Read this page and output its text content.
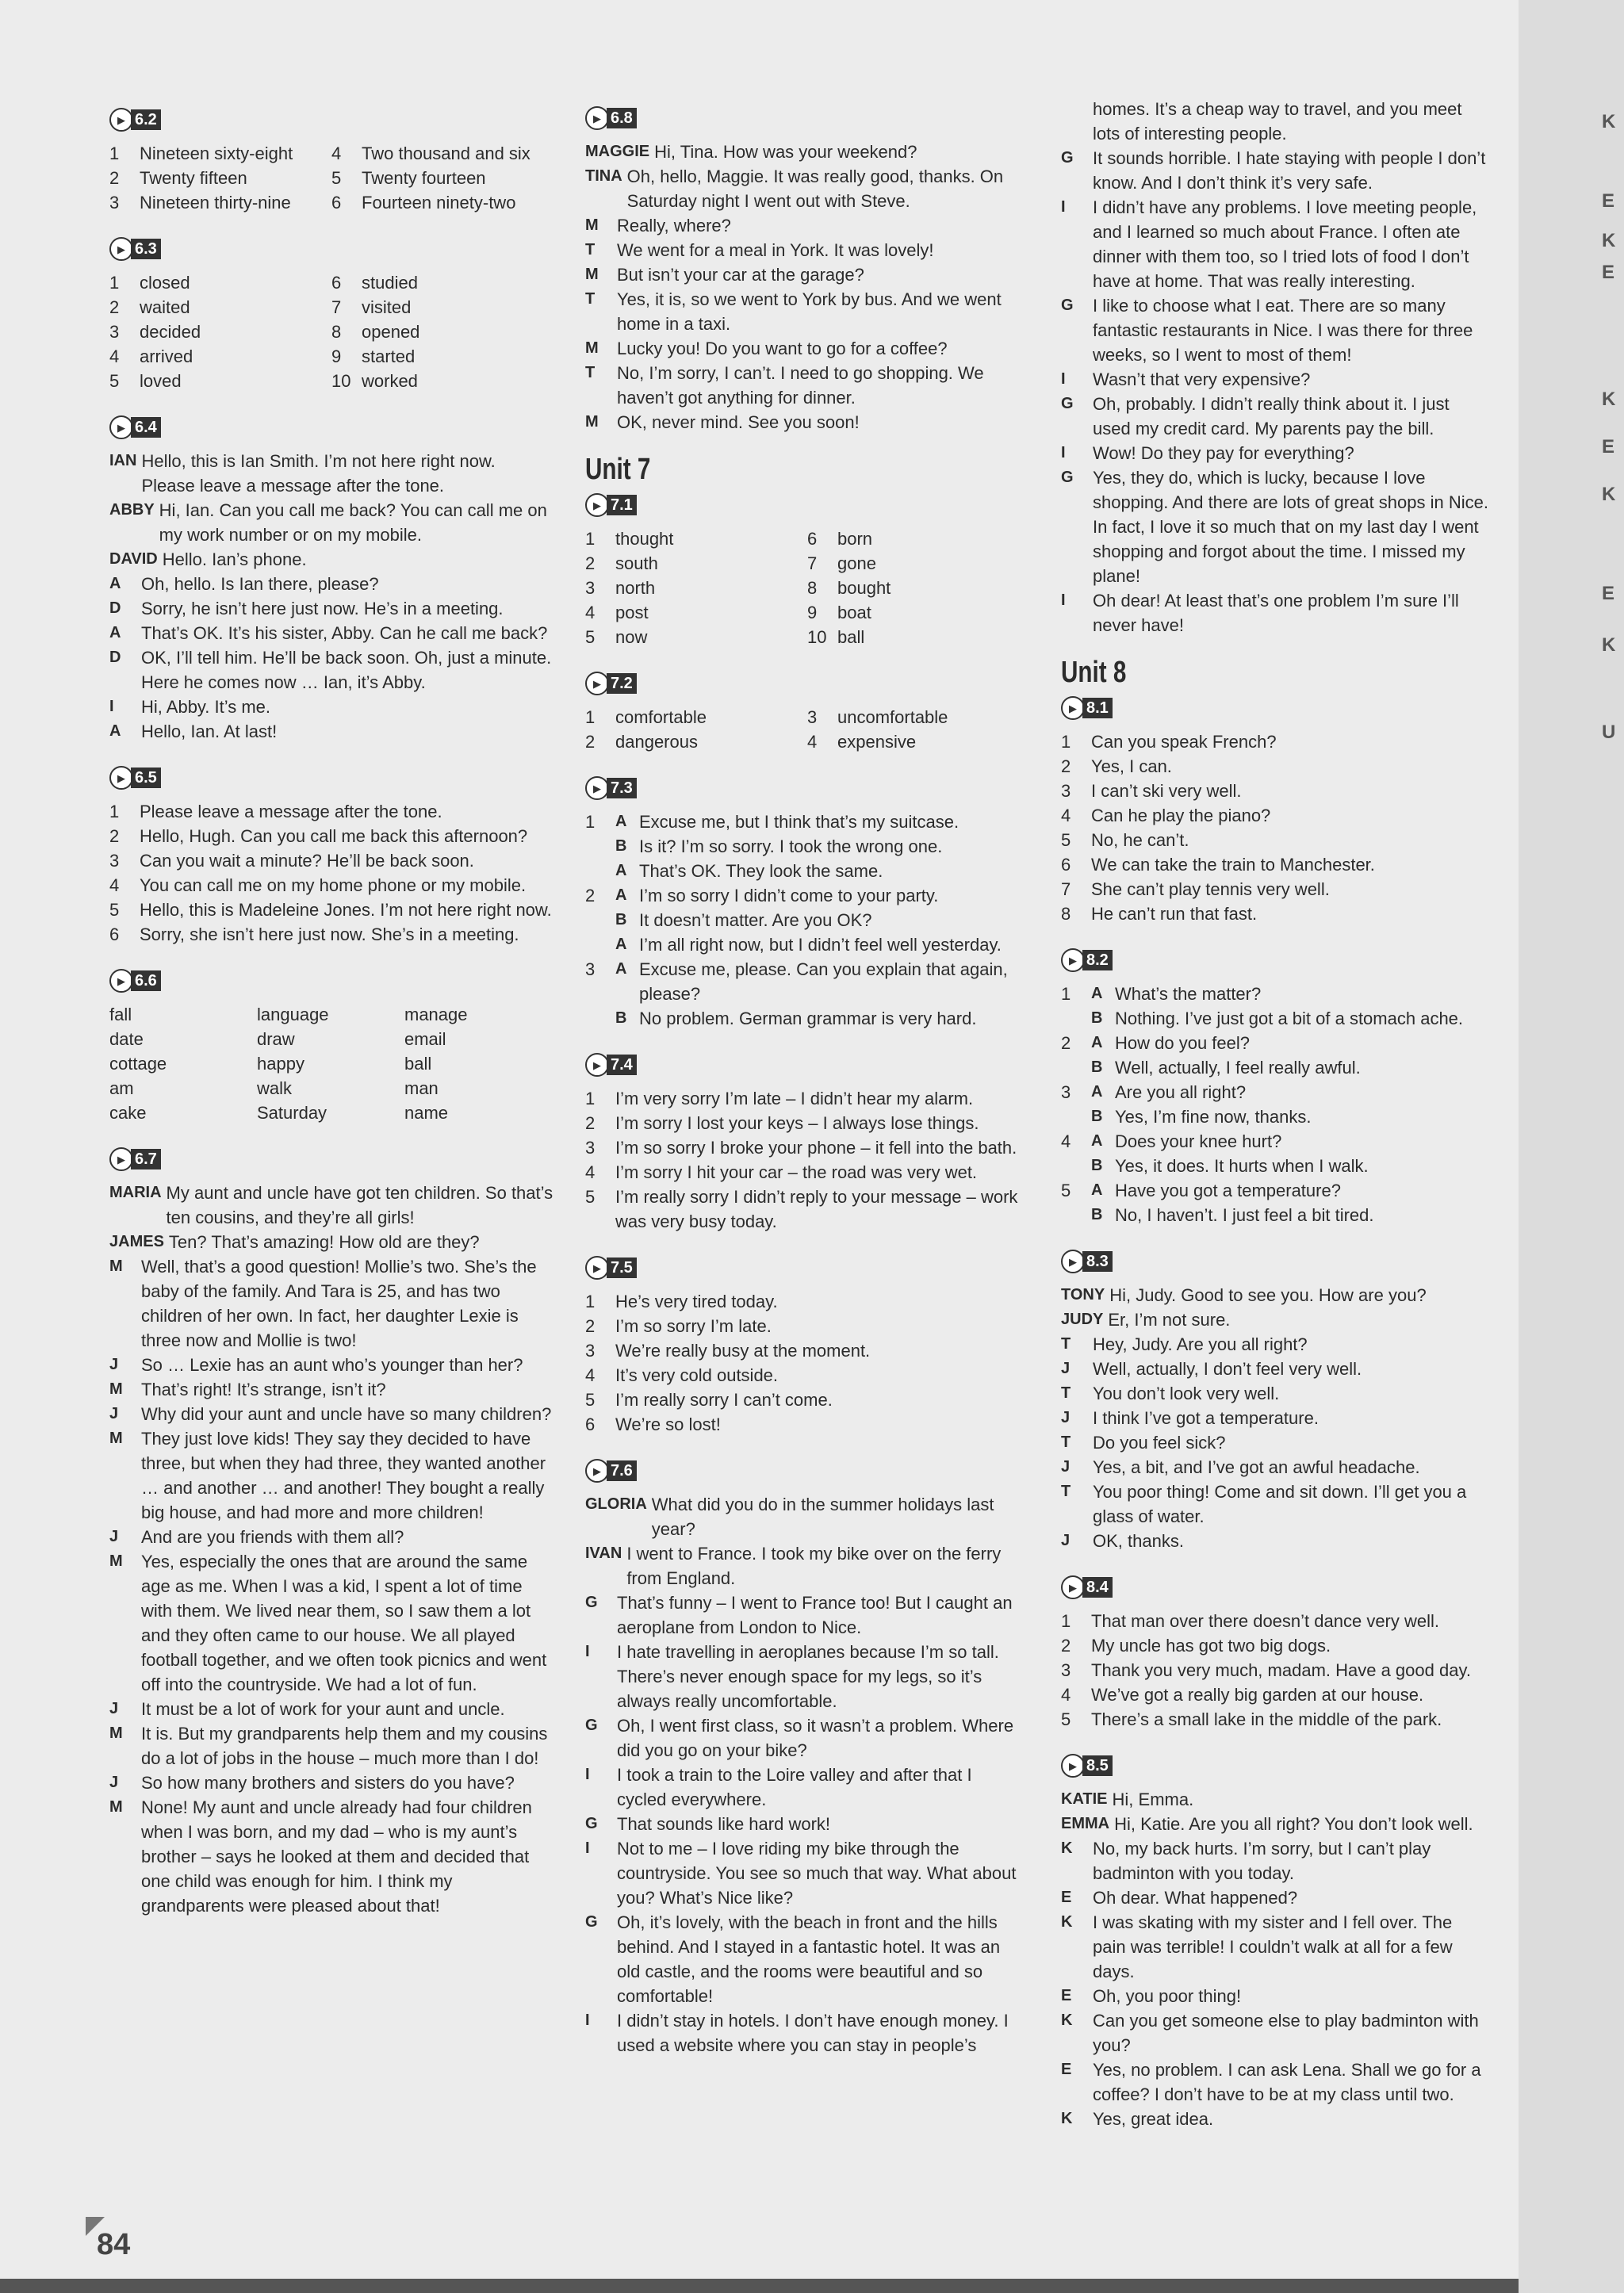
▶ 6.2
1	Nineteen sixty-eight 4	Two thousand and six
2	Twenty fifteen	5	Twenty fourteen
3	Nineteen thirty-nine 6	Fourteen ninety-two
▶ 6.3
1	closed	6	studied
2	waited	7	visited
3	decided	8	opened
4	arrived	9	started
5	loved	10 worked
▶ 6.4
IAN Hello, this is Ian Smith. I’m not here right now. Please leave a message after the tone.
ABBY Hi, Ian. Can you call me back? You can call me on my work number or on my mobile.
DAVID Hello. Ian’s phone.
A	Oh, hello. Is Ian there, please?
D	Sorry, he isn’t here just now. He’s in a meeting.
A	That’s OK. It’s his sister, Abby. Can he call me back?
D	OK, I’ll tell him. He’ll be back soon. Oh, just a minute. Here he comes now … Ian, it’s Abby.
I	Hi, Abby. It’s me.
A	Hello, Ian. At last!
▶ 6.5
1	Please leave a message after the tone.
2	Hello, Hugh. Can you call me back this afternoon?
3	Can you wait a minute? He’ll be back soon.
4	You can call me on my home phone or my mobile.
5	Hello, this is Madeleine Jones. I’m not here right now.
6	Sorry, she isn’t here just now. She’s in a meeting.
▶ 6.6
fall	language	manage
date	draw	email
cottage	happy	ball
am	walk	man
cake	Saturday	name
▶ 6.7
MARIA My aunt and uncle have got ten children. So that’s ten cousins, and they’re all girls!
JAMES Ten? That’s amazing! How old are they?
M	Well, that’s a good question! Mollie’s two. She’s the baby of the family. And Tara is 25, and has two children of her own. In fact, her daughter Lexie is three now and Mollie is two!
J	So … Lexie has an aunt who’s younger than her?
M	That’s right! It’s strange, isn’t it?
J	Why did your aunt and uncle have so many children?
M	They just love kids! They say they decided to have three, but when they had three, they wanted another … and another … and another! They bought a really big house, and had more and more children!
J	And are you friends with them all?
M	Yes, especially the ones that are around the same age as me. When I was a kid, I spent a lot of time with them. We lived near them, so I saw them a lot and they often came to our house. We all played football together, and we often took picnics and went off into the countryside. We had a lot of fun.
J	It must be a lot of work for your aunt and uncle.
M	It is. But my grandparents help them and my cousins do a lot of jobs in the house – much more than I do!
J	So how many brothers and sisters do you have?
M	None! My aunt and uncle already had four children when I was born, and my dad – who is my aunt’s brother – says he looked at them and decided that one child was enough for him. I think my grandparents were pleased about that!
▶ 6.8
MAGGIE Hi, Tina. How was your weekend?
TINA Oh, hello, Maggie. It was really good, thanks. On Saturday night I went out with Steve.
M	Really, where?
T	We went for a meal in York. It was lovely!
M	But isn’t your car at the garage?
T	Yes, it is, so we went to York by bus. And we went home in a taxi.
M	Lucky you! Do you want to go for a coffee?
T	No, I’m sorry, I can’t. I need to go shopping. We haven’t got anything for dinner.
M	OK, never mind. See you soon!
Unit 7
▶ 7.1
1	thought	6	born
2	south	7	gone
3	north	8	bought
4	post	9	boat
5	now	10 ball
▶ 7.2
1	comfortable	3	uncomfortable
2	dangerous	4	expensive
▶ 7.3
1	A Excuse me, but I think that’s my suitcase.
B Is it? I’m so sorry. I took the wrong one.
A That’s OK. They look the same.
2	A I’m so sorry I didn’t come to your party.
B It doesn’t matter. Are you OK?
A I’m all right now, but I didn’t feel well yesterday.
3	A Excuse me, please. Can you explain that again, please?
B No problem. German grammar is very hard.
▶ 7.4
1	I’m very sorry I’m late – I didn’t hear my alarm.
2	I’m sorry I lost your keys – I always lose things.
3	I’m so sorry I broke your phone – it fell into the bath.
4	I’m sorry I hit your car – the road was very wet.
5	I’m really sorry I didn’t reply to your message – work was very busy today.
▶ 7.5
1	He’s very tired today.
2	I’m so sorry I’m late.
3	We’re really busy at the moment.
4	It’s very cold outside.
5	I’m really sorry I can’t come.
6	We’re so lost!
▶ 7.6
GLORIA What did you do in the summer holidays last year?
IVAN I went to France. I took my bike over on the ferry from England.
G	That’s funny – I went to France too! But I caught an aeroplane from London to Nice.
I	I hate travelling in aeroplanes because I’m so tall. There’s never enough space for my legs, so it’s always really uncomfortable.
G	Oh, I went first class, so it wasn’t a problem. Where did you go on your bike?
I	I took a train to the Loire valley and after that I cycled everywhere.
G	That sounds like hard work!
I	Not to me – I love riding my bike through the countryside. You see so much that way. What about you? What’s Nice like?
G	Oh, it’s lovely, with the beach in front and the hills behind. And I stayed in a fantastic hotel. It was an old castle, and the rooms were beautiful and so comfortable!
I	I didn’t stay in hotels. I don’t have enough money. I used a website where you can stay in people’s
homes. It’s a cheap way to travel, and you meet lots of interesting people.
G	It sounds horrible. I hate staying with people I don’t know. And I don’t think it’s very safe.
I	I didn’t have any problems. I love meeting people, and I learned so much about France. I often ate dinner with them too, so I tried lots of food I don’t have at home. That was really interesting.
G	I like to choose what I eat. There are so many fantastic restaurants in Nice. I was there for three weeks, so I went to most of them!
I	Wasn’t that very expensive?
G	Oh, probably. I didn’t really think about it. I just used my credit card. My parents pay the bill.
I	Wow! Do they pay for everything?
G	Yes, they do, which is lucky, because I love shopping. And there are lots of great shops in Nice. In fact, I love it so much that on my last day I went shopping and forgot about the time. I missed my plane!
I	Oh dear! At least that’s one problem I’m sure I’ll never have!
Unit 8
▶ 8.1
1	Can you speak French?
2	Yes, I can.
3	I can’t ski very well.
4	Can he play the piano?
5	No, he can’t.
6	We can take the train to Manchester.
7	She can’t play tennis very well.
8	He can’t run that fast.
▶ 8.2
1	A What’s the matter?
B Nothing. I’ve just got a bit of a stomach ache.
2	A How do you feel?
B Well, actually, I feel really awful.
3	A Are you all right?
B Yes, I’m fine now, thanks.
4	A Does your knee hurt?
B Yes, it does. It hurts when I walk.
5	A Have you got a temperature?
B No, I haven’t. I just feel a bit tired.
▶ 8.3
TONY Hi, Judy. Good to see you. How are you?
JUDY Er, I’m not sure.
T	Hey, Judy. Are you all right?
J	Well, actually, I don’t feel very well.
T	You don’t look very well.
J	I think I’ve got a temperature.
T	Do you feel sick?
J	Yes, a bit, and I’ve got an awful headache.
T	You poor thing! Come and sit down. I’ll get you a glass of water.
J	OK, thanks.
▶ 8.4
1	That man over there doesn’t dance very well.
2	My uncle has got two big dogs.
3	Thank you very much, madam. Have a good day.
4	We’ve got a really big garden at our house.
5	There’s a small lake in the middle of the park.
▶ 8.5
KATIE Hi, Emma.
EMMA Hi, Katie. Are you all right? You don’t look well.
K	No, my back hurts. I’m sorry, but I can’t play badminton with you today.
E	Oh dear. What happened?
K	I was skating with my sister and I fell over. The pain was terrible! I couldn’t walk at all for a few days.
E	Oh, you poor thing!
K	Can you get someone else to play badminton with you?
E	Yes, no problem. I can ask Lena. Shall we go for a coffee? I don’t have to be at my class until two.
K	Yes, great idea.
84
K
E
K
E
K
E
K
E
K
U
